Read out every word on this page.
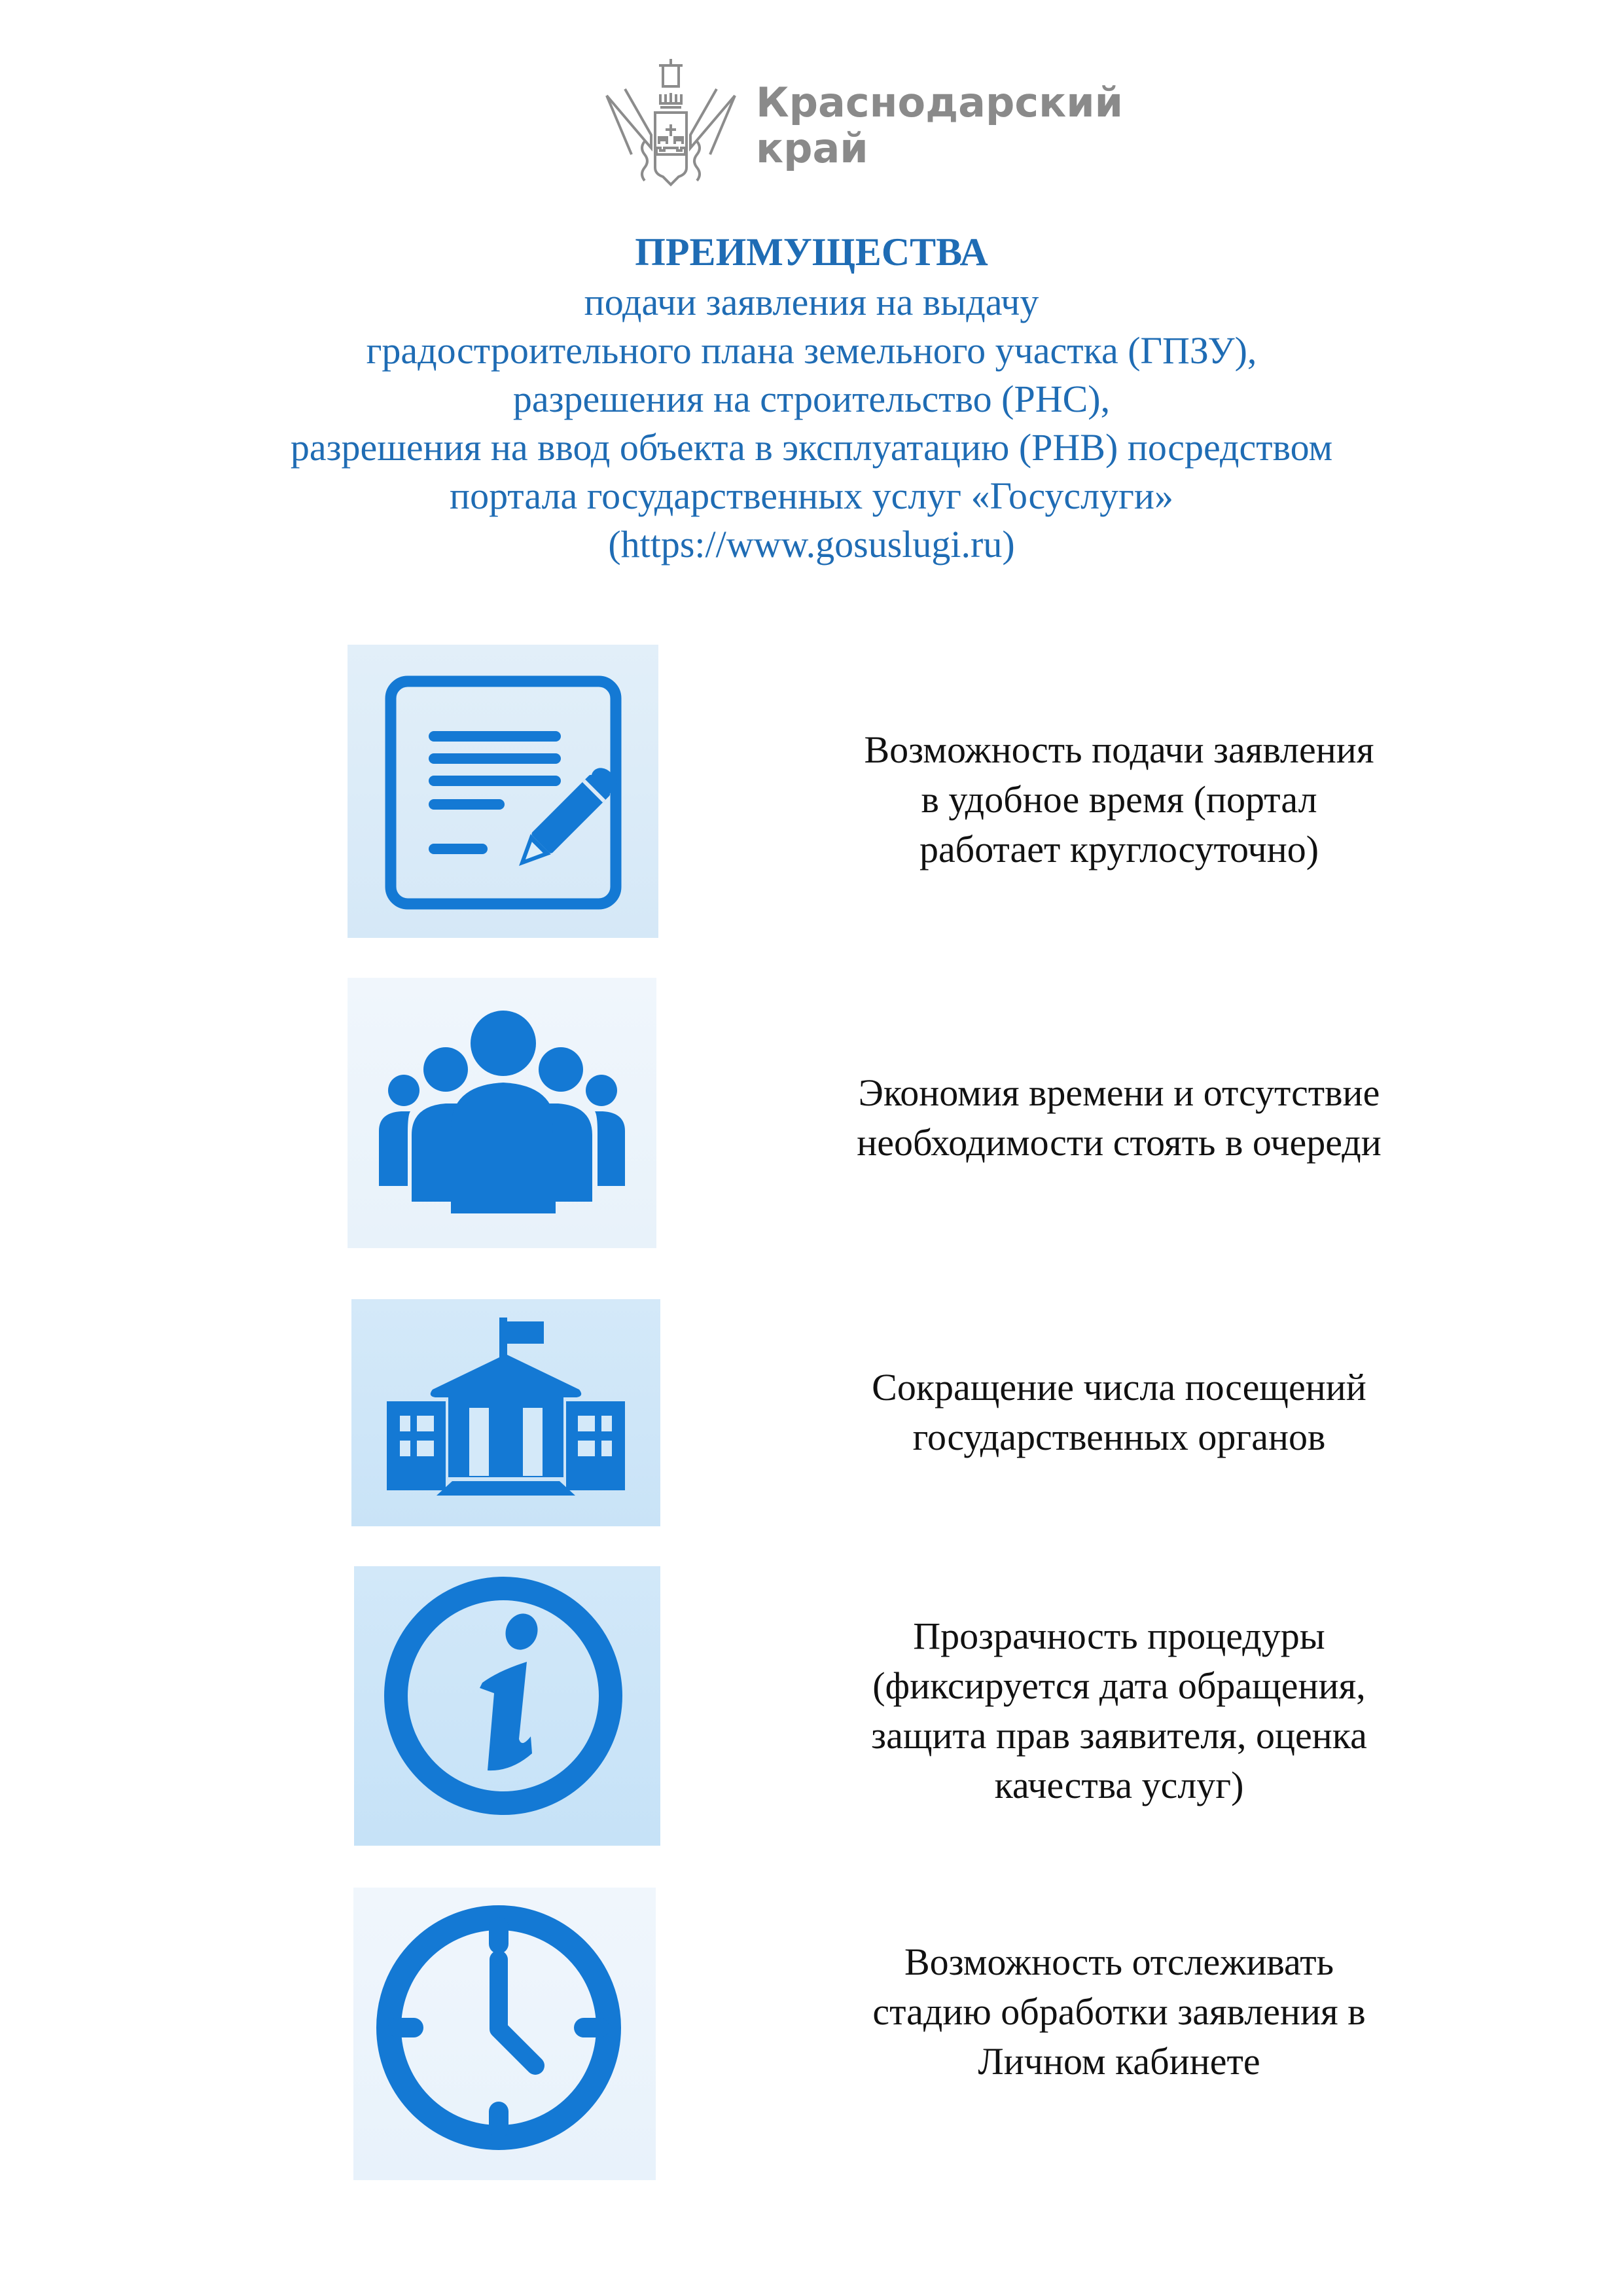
Краснодарский
край
ПРЕИМУЩЕСТВА
подачи заявления на выдачу
градостроительного плана земельного участка (ГПЗУ),
разрешения на строительство (РНС),
разрешения на ввод объекта в эксплуатацию (РНВ) посредством
портала государственных услуг «Госуслуги»
(https://www.gosuslugi.ru)
Возможность подачи заявления
в удобное время (портал
работает круглосуточно)
Экономия времени и отсутствие
необходимости стоять в очереди
Сокращение числа посещений
государственных органов
Прозрачность процедуры
(фиксируется дата обращения,
защита прав заявителя, оценка
качества услуг)
Возможность отслеживать
стадию обработки заявления в
Личном кабинете
